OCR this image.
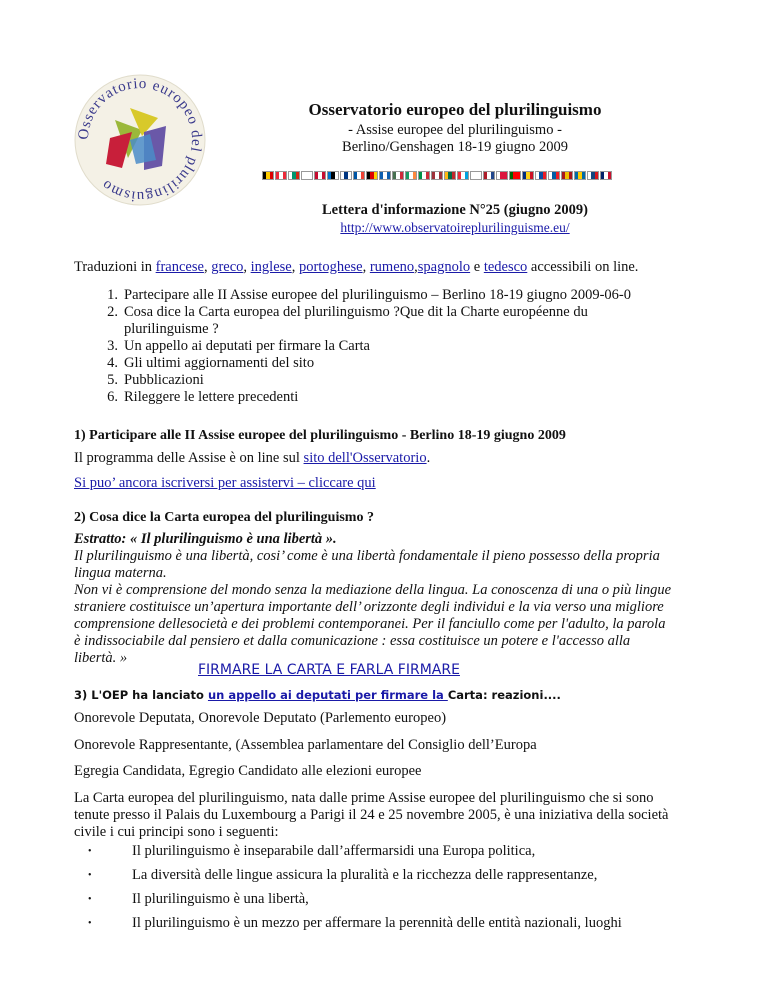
Osservatorio europeo del plurilinguismo
Osservatorio europeo del plurilinguismo
- Assise europee del plurilinguismo -
Berlino/Genshagen 18-19 giugno 2009
Lettera d'informazione N°25 (giugno 2009)
http://www.observatoireplurilinguisme.eu/
Traduzioni in francese, greco, inglese, portoghese, rumeno,spagnolo e tedesco accessibili on line.
1. Partecipare alle II Assise europee del plurilinguismo – Berlino 18-19 giugno 2009-06-0
2. Cosa dice la Carta europea del plurilinguismo ?Que dit la Charte européenne du plurilinguisme ?
3. Un appello ai deputati per firmare la Carta
4. Gli ultimi aggiornamenti del sito
5. Pubblicazioni
6. Rileggere le lettere precedenti
1) Participare alle II Assise europee del plurilinguismo - Berlino 18-19 giugno 2009
Il programma delle Assise è on line sul sito dell'Osservatorio.
Si puo’ ancora iscriversi per assistervi – cliccare qui
2) Cosa dice la Carta europea del plurilinguismo ?
Estratto: « Il plurilinguismo è una libertà ».
Il plurilinguismo è una libertà, cosi’ come è una libertà fondamentale il pieno possesso della propria lingua materna.
Non vi è comprensione del mondo senza la mediazione della lingua. La conoscenza di una o più lingue straniere costituisce un’apertura importante dell’ orizzonte degli individui e la via verso una migliore comprensione dellesocietà e dei problemi contemporanei. Per il fanciullo come per l'adulto, la parola è indissociabile dal pensiero et dalla comunicazione : essa costituisce un potere e l'accesso alla libertà. »
FIRMARE LA CARTA E FARLA FIRMARE
3) L'OEP ha lanciato un appello ai deputati per firmare la Carta: reazioni....
Onorevole Deputata, Onorevole Deputato (Parlemento europeo)
Onorevole Rappresentante, (Assemblea parlamentare del Consiglio dell’Europa
Egregia Candidata, Egregio Candidato alle elezioni europee
La Carta europea del plurilinguismo, nata dalle prime Assise europee del plurilinguismo che si sono tenute presso il Palais du Luxembourg a Parigi il 24 e 25 novembre 2005, è una iniziativa della società civile i cui principi sono i seguenti:
•	Il plurilinguismo è inseparabile dall’affermarsidi una Europa politica,
•	La diversità delle lingue assicura la pluralità e la ricchezza delle rappresentanze,
•	Il plurilinguismo è una libertà,
•	Il plurilinguismo è un mezzo per affermare la perennità delle entità nazionali, luoghi
